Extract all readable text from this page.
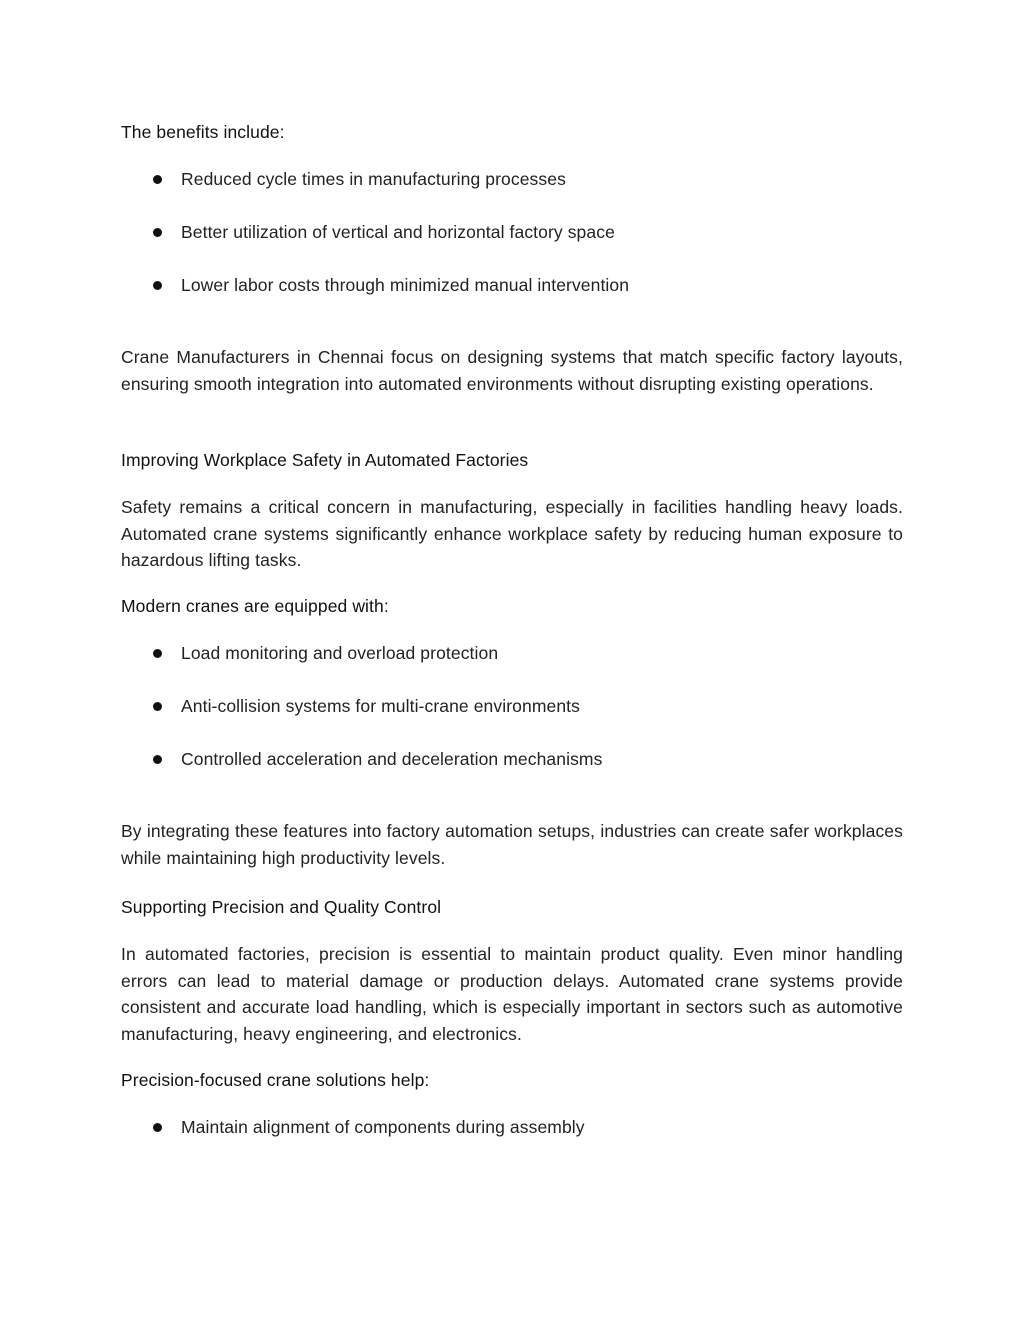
The benefits include:
Reduced cycle times in manufacturing processes
Better utilization of vertical and horizontal factory space
Lower labor costs through minimized manual intervention
Crane Manufacturers in Chennai focus on designing systems that match specific factory layouts, ensuring smooth integration into automated environments without disrupting existing operations.
Improving Workplace Safety in Automated Factories
Safety remains a critical concern in manufacturing, especially in facilities handling heavy loads. Automated crane systems significantly enhance workplace safety by reducing human exposure to hazardous lifting tasks.
Modern cranes are equipped with:
Load monitoring and overload protection
Anti-collision systems for multi-crane environments
Controlled acceleration and deceleration mechanisms
By integrating these features into factory automation setups, industries can create safer workplaces while maintaining high productivity levels.
Supporting Precision and Quality Control
In automated factories, precision is essential to maintain product quality. Even minor handling errors can lead to material damage or production delays. Automated crane systems provide consistent and accurate load handling, which is especially important in sectors such as automotive manufacturing, heavy engineering, and electronics.
Precision-focused crane solutions help:
Maintain alignment of components during assembly
